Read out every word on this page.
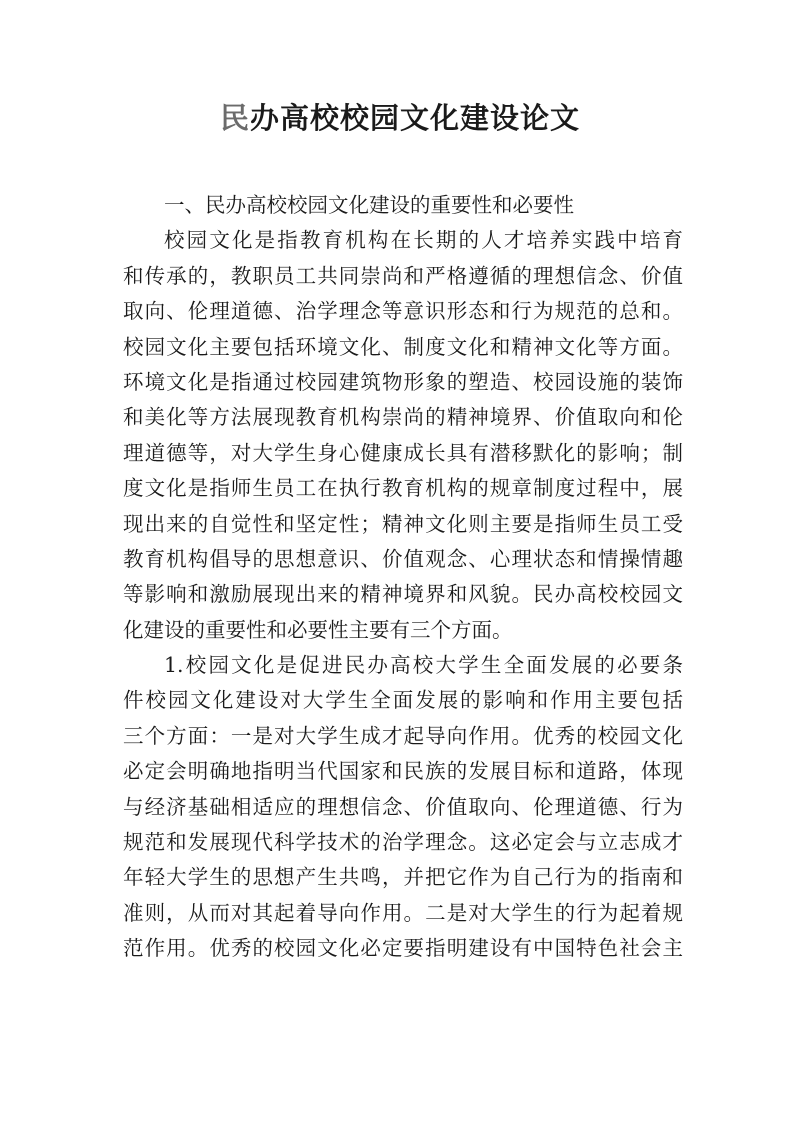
民办高校校园文化建设论文
一、民办高校校园文化建设的重要性和必要性
校园文化是指教育机构在长期的人才培养实践中培育
和传承的，教职员工共同崇尚和严格遵循的理想信念、价值
取向、伦理道德、治学理念等意识形态和行为规范的总和。
校园文化主要包括环境文化、制度文化和精神文化等方面。
环境文化是指通过校园建筑物形象的塑造、校园设施的装饰
和美化等方法展现教育机构崇尚的精神境界、价值取向和伦
理道德等，对大学生身心健康成长具有潜移默化的影响；制
度文化是指师生员工在执行教育机构的规章制度过程中，展
现出来的自觉性和坚定性；精神文化则主要是指师生员工受
教育机构倡导的思想意识、价值观念、心理状态和情操情趣
等影响和激励展现出来的精神境界和风貌。民办高校校园文
化建设的重要性和必要性主要有三个方面。
1.校园文化是促进民办高校大学生全面发展的必要条
件校园文化建设对大学生全面发展的影响和作用主要包括
三个方面：一是对大学生成才起导向作用。优秀的校园文化
必定会明确地指明当代国家和民族的发展目标和道路，体现
与经济基础相适应的理想信念、价值取向、伦理道德、行为
规范和发展现代科学技术的治学理念。这必定会与立志成才
年轻大学生的思想产生共鸣，并把它作为自己行为的指南和
准则，从而对其起着导向作用。二是对大学生的行为起着规
范作用。优秀的校园文化必定要指明建设有中国特色社会主
